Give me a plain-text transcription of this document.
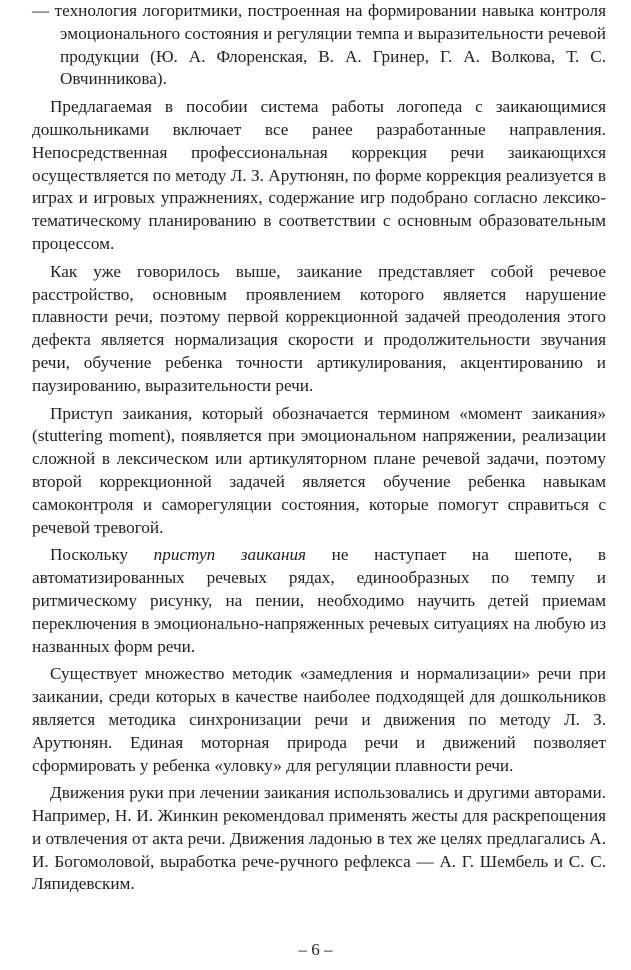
— технология логоритмики, построенная на формировании навыка контроля эмоционального состояния и регуляции темпа и выразительности речевой продукции (Ю. А. Флоренская, В. А. Гринер, Г. А. Волкова, Т. С. Овчинникова).

Предлагаемая в пособии система работы логопеда с заикающимися дошкольниками включает все ранее разработанные направления. Непосредственная профессиональная коррекция речи заикающихся осуществляется по методу Л. З. Арутюнян, по форме коррекция реализуется в играх и игровых упражнениях, содержание игр подобрано согласно лексико-тематическому планированию в соответствии с основным образовательным процессом.

Как уже говорилось выше, заикание представляет собой речевое расстройство, основным проявлением которого является нарушение плавности речи, поэтому первой коррекционной задачей преодоления этого дефекта является нормализация скорости и продолжительности звучания речи, обучение ребенка точности артикулирования, акцентированию и паузированию, выразительности речи.

Приступ заикания, который обозначается термином «момент заикания» (stuttering moment), появляется при эмоциональном напряжении, реализации сложной в лексическом или артикуляторном плане речевой задачи, поэтому второй коррекционной задачей является обучение ребенка навыкам самоконтроля и саморегуляции состояния, которые помогут справиться с речевой тревогой.

Поскольку приступ заикания не наступает на шепоте, в автоматизированных речевых рядах, единообразных по темпу и ритмическому рисунку, на пении, необходимо научить детей приемам переключения в эмоционально-напряженных речевых ситуациях на любую из названных форм речи.

Существует множество методик «замедления и нормализации» речи при заикании, среди которых в качестве наиболее подходящей для дошкольников является методика синхронизации речи и движения по методу Л. З. Арутюнян. Единая моторная природа речи и движений позволяет сформировать у ребенка «уловку» для регуляции плавности речи.

Движения руки при лечении заикания использовались и другими авторами. Например, Н. И. Жинкин рекомендовал применять жесты для раскрепощения и отвлечения от акта речи. Движения ладонью в тех же целях предлагались А. И. Богомоловой, выработка рече-ручного рефлекса — А. Г. Шембель и С. С. Ляпидевским.

– 6 –
